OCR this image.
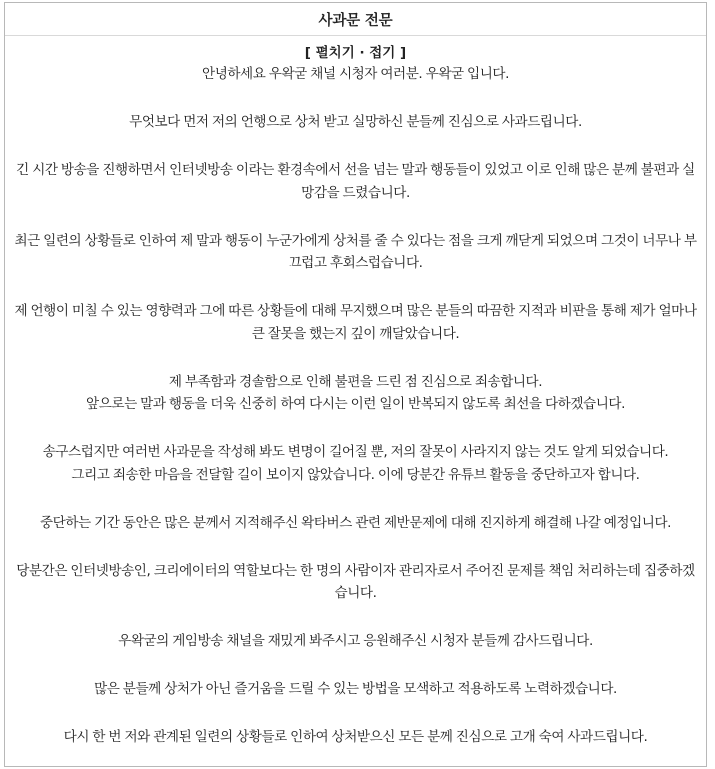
사과문 전문
[ 펼치기 · 접기 ]
안녕하세요 우왁굳 채널 시청자 여러분. 우왁굳 입니다.
무엇보다 먼저 저의 언행으로 상처 받고 실망하신 분들께 진심으로 사과드립니다.
긴 시간 방송을 진행하면서 인터넷방송 이라는 환경속에서 선을 넘는 말과 행동들이 있었고 이로 인해 많은 분께 불편과 실망감을 드렸습니다.
최근 일련의 상황들로 인하여 제 말과 행동이 누군가에게 상처를 줄 수 있다는 점을 크게 깨닫게 되었으며 그것이 너무나 부끄럽고 후회스럽습니다.
제 언행이 미칠 수 있는 영향력과 그에 따른 상황들에 대해 무지했으며 많은 분들의 따끔한 지적과 비판을 통해 제가 얼마나 큰 잘못을 했는지 깊이 깨달았습니다.
제 부족함과 경솔함으로 인해 불편을 드린 점 진심으로 죄송합니다.
앞으로는 말과 행동을 더욱 신중히 하여 다시는 이런 일이 반복되지 않도록 최선을 다하겠습니다.
송구스럽지만 여러번 사과문을 작성해 봐도 변명이 길어질 뿐, 저의 잘못이 사라지지 않는 것도 알게 되었습니다.
그리고 죄송한 마음을 전달할 길이 보이지 않았습니다. 이에 당분간 유튜브 활동을 중단하고자 합니다.
중단하는 기간 동안은 많은 분께서 지적해주신 왁타버스 관련 제반문제에 대해 진지하게 해결해 나갈 예정입니다.
당분간은 인터넷방송인, 크리에이터의 역할보다는 한 명의 사람이자 관리자로서 주어진 문제를 책임 처리하는데 집중하겠습니다.
우왁굳의 게임방송 채널을 재밌게 봐주시고 응원해주신 시청자 분들께 감사드립니다.
많은 분들께 상처가 아닌 즐거움을 드릴 수 있는 방법을 모색하고 적용하도록 노력하겠습니다.
다시 한 번 저와 관계된 일련의 상황들로 인하여 상처받으신 모든 분께 진심으로 고개 숙여 사과드립니다.
